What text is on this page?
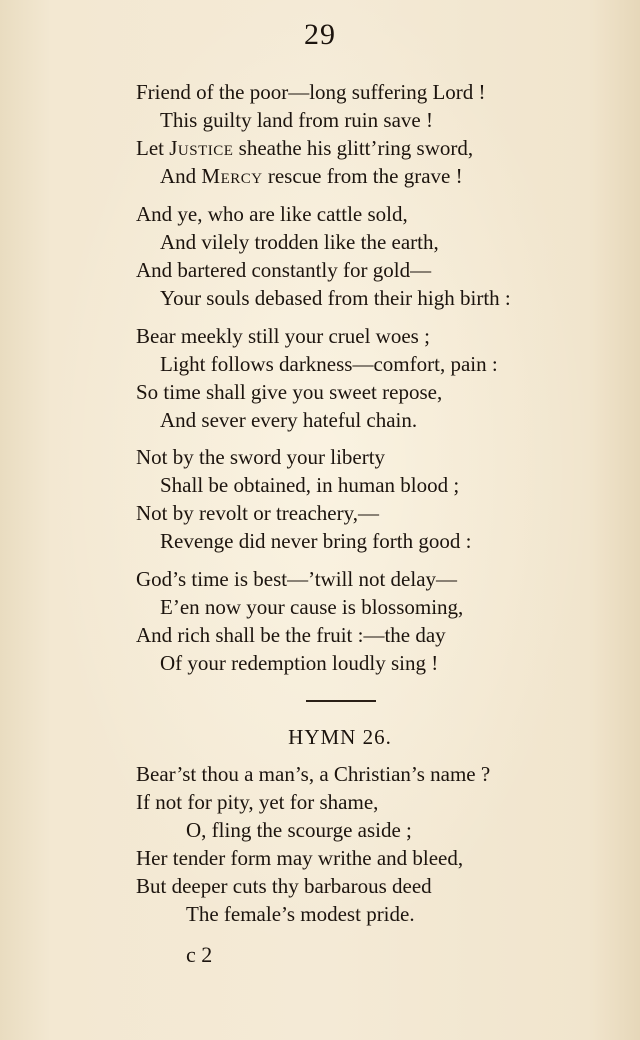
29
Friend of the poor—long suffering Lord !
This guilty land from ruin save !
Let Justice sheathe his glitt’ring sword,
And Mercy rescue from the grave !
And ye, who are like cattle sold,
And vilely trodden like the earth,
And bartered constantly for gold—
Your souls debased from their high birth :
Bear meekly still your cruel woes ;
Light follows darkness—comfort, pain :
So time shall give you sweet repose,
And sever every hateful chain.
Not by the sword your liberty
Shall be obtained, in human blood ;
Not by revolt or treachery,—
Revenge did never bring forth good :
God’s time is best—’twill not delay—
E’en now your cause is blossoming,
And rich shall be the fruit :—the day
Of your redemption loudly sing !
HYMN 26.
Bear’st thou a man’s, a Christian’s name ?
If not for pity, yet for shame,
O, fling the scourge aside ;
Her tender form may writhe and bleed,
But deeper cuts thy barbarous deed
The female’s modest pride.
c 2
